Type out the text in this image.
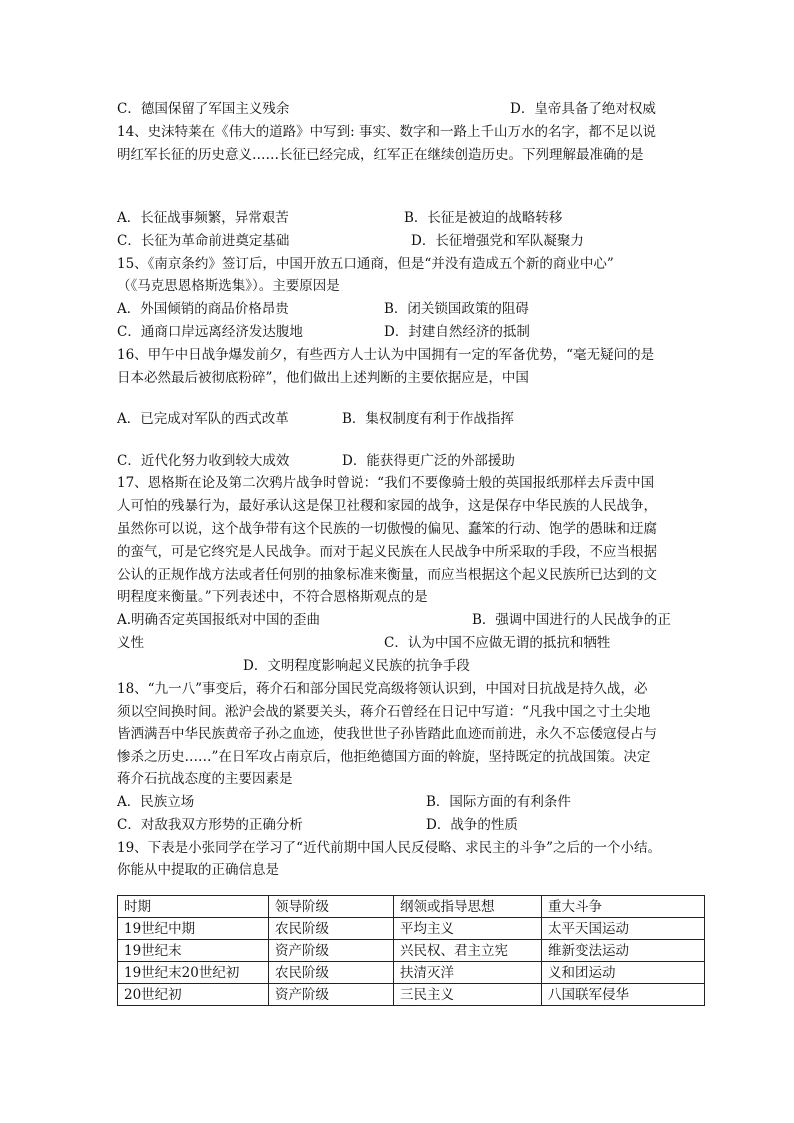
C．德国保留了军国主义残余	D．皇帝具备了绝对权威
14、史沫特莱在《伟大的道路》中写到: 事实、数字和一路上千山万水的名字，都不足以说
明红军长征的历史意义……长征已经完成，红军正在继续创造历史。下列理解最准确的是
A．长征战事频繁，异常艰苦	B．长征是被迫的战略转移
C．长征为革命前进奠定基础	D．长征增强党和军队凝聚力
15、《南京条约》签订后，中国开放五口通商，但是“并没有造成五个新的商业中心”
（《马克思恩格斯选集》）。主要原因是
A．外国倾销的商品价格昂贵	B．闭关锁国政策的阻碍
C．通商口岸远离经济发达腹地	D．封建自然经济的抵制
16、甲午中日战争爆发前夕，有些西方人士认为中国拥有一定的军备优势，“毫无疑问的是
日本必然最后被彻底粉碎”，他们做出上述判断的主要依据应是，中国
A．已完成对军队的西式改革	B．集权制度有利于作战指挥
C．近代化努力收到较大成效	D．能获得更广泛的外部援助
17、恩格斯在论及第二次鸦片战争时曾说：“我们不要像骑士般的英国报纸那样去斥责中国
人可怕的残暴行为，最好承认这是保卫社稷和家园的战争，这是保存中华民族的人民战争，
虽然你可以说，这个战争带有这个民族的一切傲慢的偏见、蠢笨的行动、饱学的愚昧和迂腐
的蛮气，可是它终究是人民战争。而对于起义民族在人民战争中所采取的手段，不应当根据
公认的正规作战方法或者任何别的抽象标准来衡量，而应当根据这个起义民族所已达到的文
明程度来衡量。”下列表述中，不符合恩格斯观点的是
A.明确否定英国报纸对中国的歪曲	B．强调中国进行的人民战争的正
义性	C．认为中国不应做无谓的抵抗和牺牲
D．文明程度影响起义民族的抗争手段
18、“九一八”事变后，蒋介石和部分国民党高级将领认识到，中国对日抗战是持久战，必
须以空间换时间。淞沪会战的紧要关头，蒋介石曾经在日记中写道：“凡我中国之寸土尖地
皆洒满吾中华民族黄帝子孙之血迹，使我世世子孙皆踏此血迹而前进，永久不忘倭寇侵占与
惨杀之历史……”在日军攻占南京后，他拒绝德国方面的斡旋，坚持既定的抗战国策。决定
蒋介石抗战态度的主要因素是
A．民族立场	B．国际方面的有利条件
C．对敌我双方形势的正确分析	D．战争的性质
19、下表是小张同学在学习了“近代前期中国人民反侵略、求民主的斗争”之后的一个小结。
你能从中提取的正确信息是
时期	领导阶级	纲领或指导思想	重大斗争
19世纪中期	农民阶级	平均主义	太平天国运动
19世纪末	资产阶级	兴民权、君主立宪	维新变法运动
19世纪末20世纪初	农民阶级	扶清灭洋	义和团运动
20世纪初	资产阶级	三民主义	八国联军侵华
